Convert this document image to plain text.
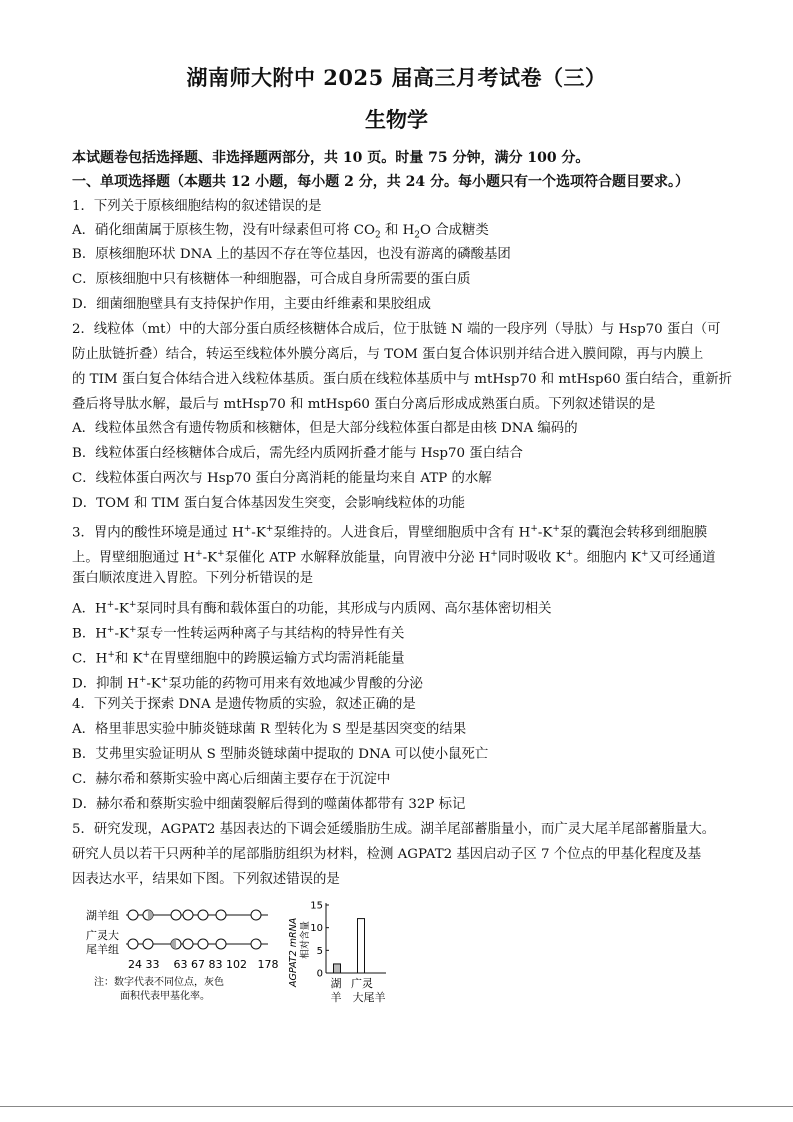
湖南师大附中 2025 届高三月考试卷（三）
生物学
本试题卷包括选择题、非选择题两部分，共 10 页。时量 75 分钟，满分 100 分。
一、单项选择题（本题共 12 小题，每小题 2 分，共 24 分。每小题只有一个选项符合题目要求。）
1．下列关于原核细胞结构的叙述错误的是
A．硝化细菌属于原核生物，没有叶绿素但可将 $CO_2$ 和 $H_2O$ 合成糖类
B．原核细胞环状 DNA 上的基因不存在等位基因，也没有游离的磷酸基团
C．原核细胞中只有核糖体一种细胞器，可合成自身所需要的蛋白质
D．细菌细胞壁具有支持保护作用，主要由纤维素和果胶组成
2．线粒体（mt）中的大部分蛋白质经核糖体合成后，位于肽链 N 端的一段序列（导肽）与 Hsp70 蛋白（可
防止肽链折叠）结合，转运至线粒体外膜分离后，与 TOM 蛋白复合体识别并结合进入膜间隙，再与内膜上
的 TIM 蛋白复合体结合进入线粒体基质。蛋白质在线粒体基质中与 mtHsp70 和 mtHsp60 蛋白结合，重新折
叠后将导肽水解，最后与 mtHsp70 和 mtHsp60 蛋白分离后形成成熟蛋白质。下列叙述错误的是
A．线粒体虽然含有遗传物质和核糖体，但是大部分线粒体蛋白都是由核 DNA 编码的
B．线粒体蛋白经核糖体合成后，需先经内质网折叠才能与 Hsp70 蛋白结合
C．线粒体蛋白两次与 Hsp70 蛋白分离消耗的能量均来自 ATP 的水解
D．TOM 和 TIM 蛋白复合体基因发生突变，会影响线粒体的功能
3．胃内的酸性环境是通过 H+-K+泵维持的。人进食后，胃壁细胞质中含有 H+-K+泵的囊泡会转移到细胞膜
上。胃壁细胞通过 H+-K+泵催化 ATP 水解释放能量，向胃液中分泌 H+同时吸收 K+。细胞内 K+又可经通道
蛋白顺浓度进入胃腔。下列分析错误的是
A．H+-K+泵同时具有酶和载体蛋白的功能，其形成与内质网、高尔基体密切相关
B．H+-K+泵专一性转运两种离子与其结构的特异性有关
C．H+和 K+在胃壁细胞中的跨膜运输方式均需消耗能量
D．抑制 H+-K+泵功能的药物可用来有效地减少胃酸的分泌
4．下列关于探索 DNA 是遗传物质的实验，叙述正确的是
A．格里菲思实验中肺炎链球菌 R 型转化为 S 型是基因突变的结果
B．艾弗里实验证明从 S 型肺炎链球菌中提取的 DNA 可以使小鼠死亡
C．赫尔希和蔡斯实验中离心后细菌主要存在于沉淀中
D．赫尔希和蔡斯实验中细菌裂解后得到的噬菌体都带有 32P 标记
5．研究发现，AGPAT2 基因表达的下调会延缓脂肪生成。湖羊尾部蓄脂量小，而广灵大尾羊尾部蓄脂量大。
研究人员以若干只两种羊的尾部脂肪组织为材料，检测 AGPAT2 基因启动子区 7 个位点的甲基化程度及基
因表达水平，结果如下图。下列叙述错误的是
湖羊组
广灵大
尾羊组
24 33    63 67 83 102   178
注：数字代表不同位点，灰色
面积代表甲基化率。
AGPAT2 mRNA 相对含量
0
5
10
15
湖
羊
广灵
大尾羊
